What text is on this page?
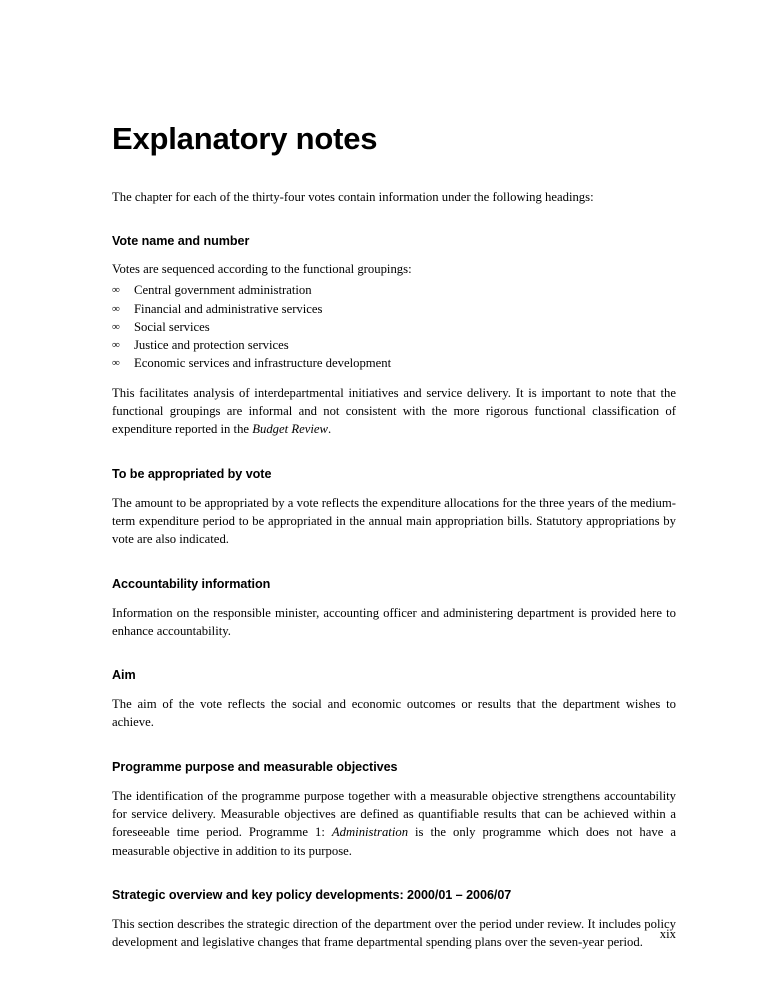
Explanatory notes

The chapter for each of the thirty-four votes contain information under the following headings:

Vote name and number

Votes are sequenced according to the functional groupings:

∞ Central government administration
∞ Financial and administrative services
∞ Social services
∞ Justice and protection services
∞ Economic services and infrastructure development

This facilitates analysis of interdepartmental initiatives and service delivery. It is important to note that the functional groupings are informal and not consistent with the more rigorous functional classification of expenditure reported in the Budget Review.

To be appropriated by vote

The amount to be appropriated by a vote reflects the expenditure allocations for the three years of the medium-term expenditure period to be appropriated in the annual main appropriation bills. Statutory appropriations by vote are also indicated.

Accountability information

Information on the responsible minister, accounting officer and administering department is provided here to enhance accountability.

Aim

The aim of the vote reflects the social and economic outcomes or results that the department wishes to achieve.

Programme purpose and measurable objectives

The identification of the programme purpose together with a measurable objective strengthens accountability for service delivery. Measurable objectives are defined as quantifiable results that can be achieved within a foreseeable time period. Programme 1: Administration is the only programme which does not have a measurable objective in addition to its purpose.

Strategic overview and key policy developments: 2000/01 – 2006/07

This section describes the strategic direction of the department over the period under review. It includes policy development and legislative changes that frame departmental spending plans over the seven-year period.

xix
